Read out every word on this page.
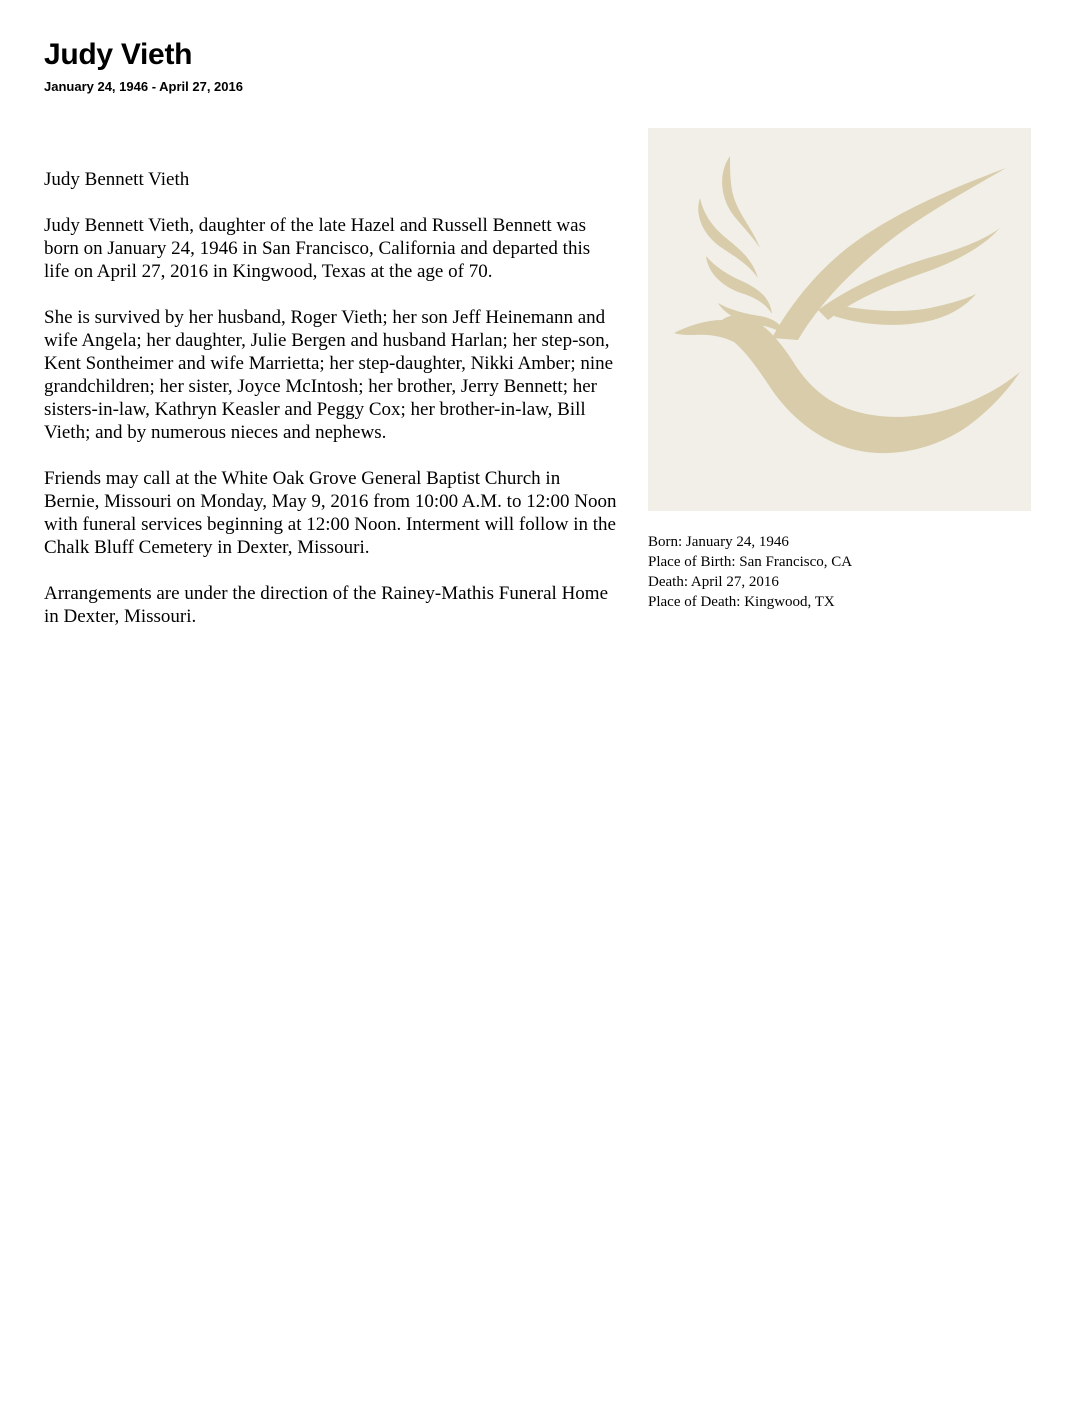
Judy Vieth
January 24, 1946 - April 27, 2016

Judy Bennett Vieth

Judy Bennett Vieth, daughter of the late Hazel and Russell Bennett was born on January 24, 1946 in San Francisco, California and departed this life on April 27, 2016 in Kingwood, Texas at the age of 70.

She is survived by her husband, Roger Vieth; her son Jeff Heinemann and wife Angela; her daughter, Julie Bergen and husband Harlan; her step-son, Kent Sontheimer and wife Marrietta; her step-daughter, Nikki Amber; nine grandchildren; her sister, Joyce McIntosh; her brother, Jerry Bennett; her sisters-in-law, Kathryn Keasler and Peggy Cox; her brother-in-law, Bill Vieth; and by numerous nieces and nephews.

Friends may call at the White Oak Grove General Baptist Church in Bernie, Missouri on Monday, May 9, 2016 from 10:00 A.M. to 12:00 Noon with funeral services beginning at 12:00 Noon. Interment will follow in the Chalk Bluff Cemetery in Dexter, Missouri.

Arrangements are under the direction of the Rainey-Mathis Funeral Home in Dexter, Missouri.

Born: January 24, 1946
Place of Birth: San Francisco, CA
Death: April 27, 2016
Place of Death: Kingwood, TX
